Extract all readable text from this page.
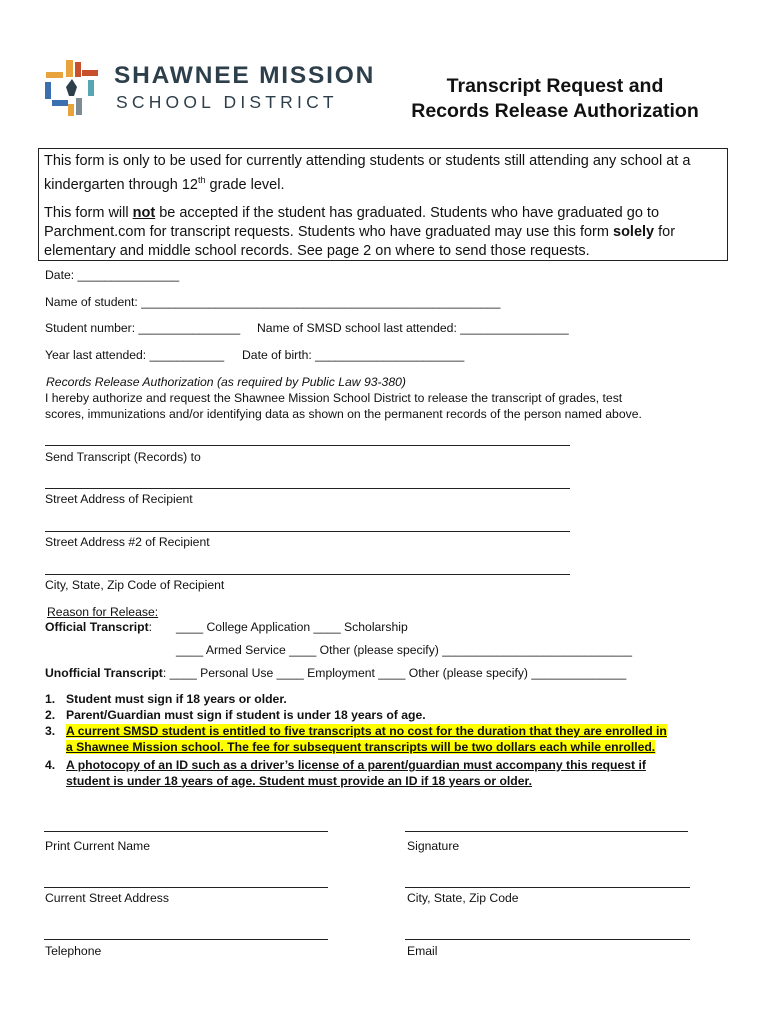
SHAWNEE MISSION
SCHOOL DISTRICT
Transcript Request and
Records Release Authorization

This form is only to be used for currently attending students or students still attending any school at a kindergarten through 12th grade level.

This form will not be accepted if the student has graduated. Students who have graduated go to Parchment.com for transcript requests. Students who have graduated may use this form solely for elementary and middle school records. See page 2 on where to send those requests.

Date: _______________
Name of student: _____________________________________________________
Student number: _______________ Name of SMSD school last attended: ________________
Year last attended: ___________ Date of birth: ______________________
Records Release Authorization (as required by Public Law 93-380)
I hereby authorize and request the Shawnee Mission School District to release the transcript of grades, test
scores, immunizations and/or identifying data as shown on the permanent records of the person named above.
Send Transcript (Records) to
Street Address of Recipient
Street Address #2 of Recipient
City, State, Zip Code of Recipient
Reason for Release:
Official Transcript: ____ College Application ____ Scholarship
____ Armed Service ____ Other (please specify) ____________________________
Unofficial Transcript: ____ Personal Use ____ Employment ____ Other (please specify) ______________
1. Student must sign if 18 years or older.
2. Parent/Guardian must sign if student is under 18 years of age.
3. A current SMSD student is entitled to five transcripts at no cost for the duration that they are enrolled in
a Shawnee Mission school. The fee for subsequent transcripts will be two dollars each while enrolled.
4. A photocopy of an ID such as a driver’s license of a parent/guardian must accompany this request if
student is under 18 years of age. Student must provide an ID if 18 years or older.
Print Current Name	Signature
Current Street Address	City, State, Zip Code
Telephone	Email
